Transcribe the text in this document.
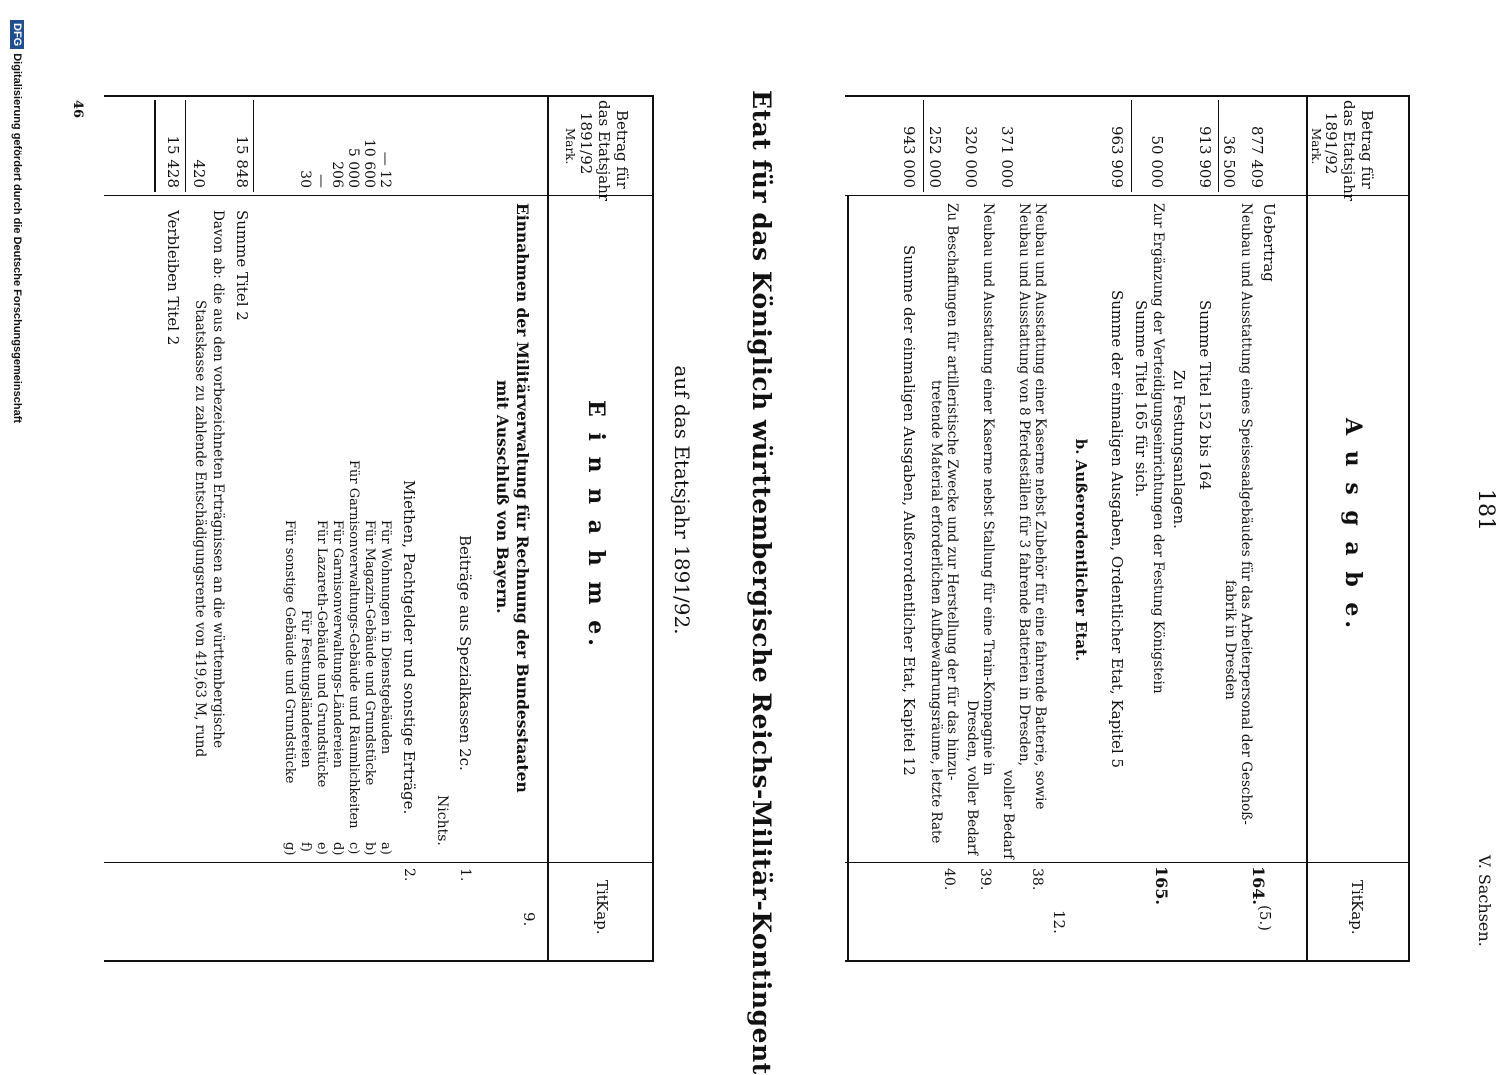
181
V. Sachsen.
Betrag für
das Etatsjahr
1891/92
Mark.
Tit.
Kap.
A u s g a b e.
Uebertrag
877 409
(5.)
164.
Neubau und Ausstattung eines Speisesaalgebäudes für das Arbeiterpersonal der Geschoß-
fabrik in Dresden
36 500
Summe Titel 152 bis 164
913 909
Zu Festungsanlagen.
165.
Zur Ergänzung der Verteidigungseinrichtungen der Festung Königstein
50 000
Summe Titel 165 für sich.
Summe der einmaligen Ausgaben, Ordentlicher Etat, Kapitel 5
963 909
b. Außerordentlicher Etat.
12.
38.
Neubau und Ausstattung einer Kaserne nebst Zubehör für eine fahrende Batterie, sowie
Neubau und Ausstattung von 8 Pferdeställen für 3 fahrende Batterien in Dresden,
voller Bedarf
371 000
39.
Neubau und Ausstattung einer Kaserne nebst Stallung für eine Train-Kompagnie in
Dresden, voller Bedarf
320 000
40.
Zu Beschaffungen für artilleristische Zwecke und zur Herstellung der für das hinzu-
tretende Material erforderlichen Aufbewahrungsräume, letzte Rate
252 000
Summe der einmaligen Ausgaben, Außerordentlicher Etat, Kapitel 12
943 000
Etat für das Königlich württembergische Reichs-Militär-Kontingent
auf das Etatsjahr 1891/92.
Betrag für
das Etatsjahr
1891/92
Mark.
Tit.
Kap.
E i n n a h m e.
9.
Einnahmen der Militärverwaltung für Rechnung der Bundesstaaten
mit Ausschluß von Bayern.
1.
Beiträge aus Spezialkassen 2c.
Nichts.
2.
Miethen, Pachtgelder und sonstige Erträge.
a)
Für Wohnungen in Dienstgebäuden
— 12
b)
Für Magazin-Gebäude und Grundstücke
10 600
c)
Für Garnisonverwaltungs-Gebäude und Räumlichkeiten
5 000
d)
Für Garnisonverwaltungs-Ländereien
206
e)
Für Lazareth-Gebäude und Grundstücke
—
f)
Für Festungsländereien
30
g)
Für sonstige Gebäude und Grundstücke
Summe Titel 2
15 848
Davon ab: die aus den vorbezeichneten Erträgnissen an die württembergische
Staatskasse zu zahlende Entschädigungsrente von 419,63 M, rund
420
Verbleiben Titel 2
15 428
46
DFGDigitalisierung gefördert durch die Deutsche Forschungsgemeinschaft
